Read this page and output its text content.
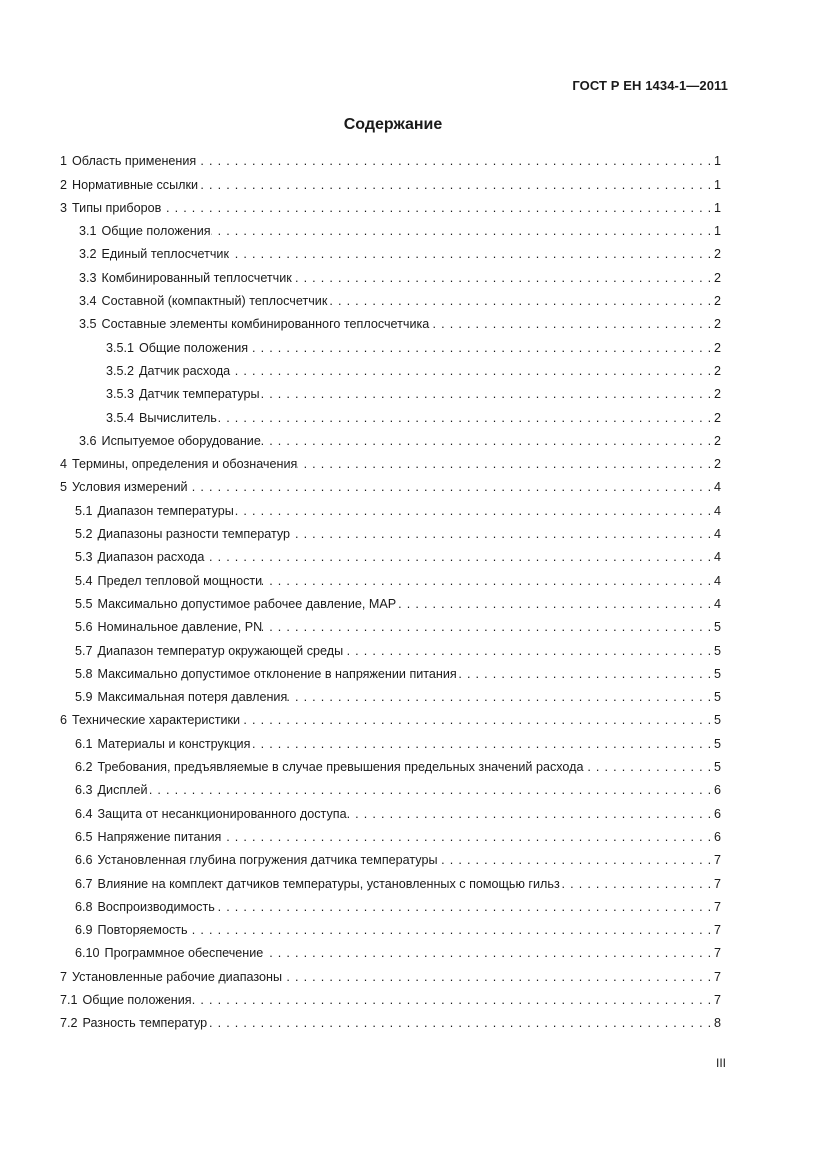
ГОСТ Р ЕН 1434-1—2011
Содержание
1 Область применения . . .	1
2 Нормативные ссылки . . .	1
3 Типы приборов . . .	1
3.1 Общие положения . . .	1
3.2 Единый теплосчетчик . . .	2
3.3 Комбинированный теплосчетчик . . .	2
3.4 Составной (компактный) теплосчетчик . . .	2
3.5 Составные элементы комбинированного теплосчетчика . . .	2
3.5.1 Общие положения . . .	2
3.5.2 Датчик расхода . . .	2
3.5.3 Датчик температуры . . .	2
3.5.4 Вычислитель . . .	2
3.6 Испытуемое оборудование . . .	2
4 Термины, определения и обозначения . . .	2
5 Условия измерений . . .	4
5.1 Диапазон температуры . . .	4
5.2 Диапазоны разности температур . . .	4
5.3 Диапазон расхода . . .	4
5.4 Предел тепловой мощности . . .	4
5.5 Максимально допустимое рабочее давление, MAP . . .	4
5.6 Номинальное давление, PN . . .	5
5.7 Диапазон температур окружающей среды . . .	5
5.8 Максимально допустимое отклонение в напряжении питания . . .	5
5.9 Максимальная потеря давления . . .	5
6 Технические характеристики . . .	5
6.1 Материалы и конструкция . . .	5
6.2 Требования, предъявляемые в случае превышения предельных значений расхода . . .	5
6.3 Дисплей . . .	6
6.4 Защита от несанкционированного доступа . . .	6
6.5 Напряжение питания . . .	6
6.6 Установленная глубина погружения датчика температуры . . .	7
6.7 Влияние на комплект датчиков температуры, установленных с помощью гильз . . .	7
6.8 Воспроизводимость . . .	7
6.9 Повторяемость . . .	7
6.10 Программное обеспечение . . .	7
7 Установленные рабочие диапазоны . . .	7
7.1 Общие положения . . .	7
7.2 Разность температур . . .	8
III
